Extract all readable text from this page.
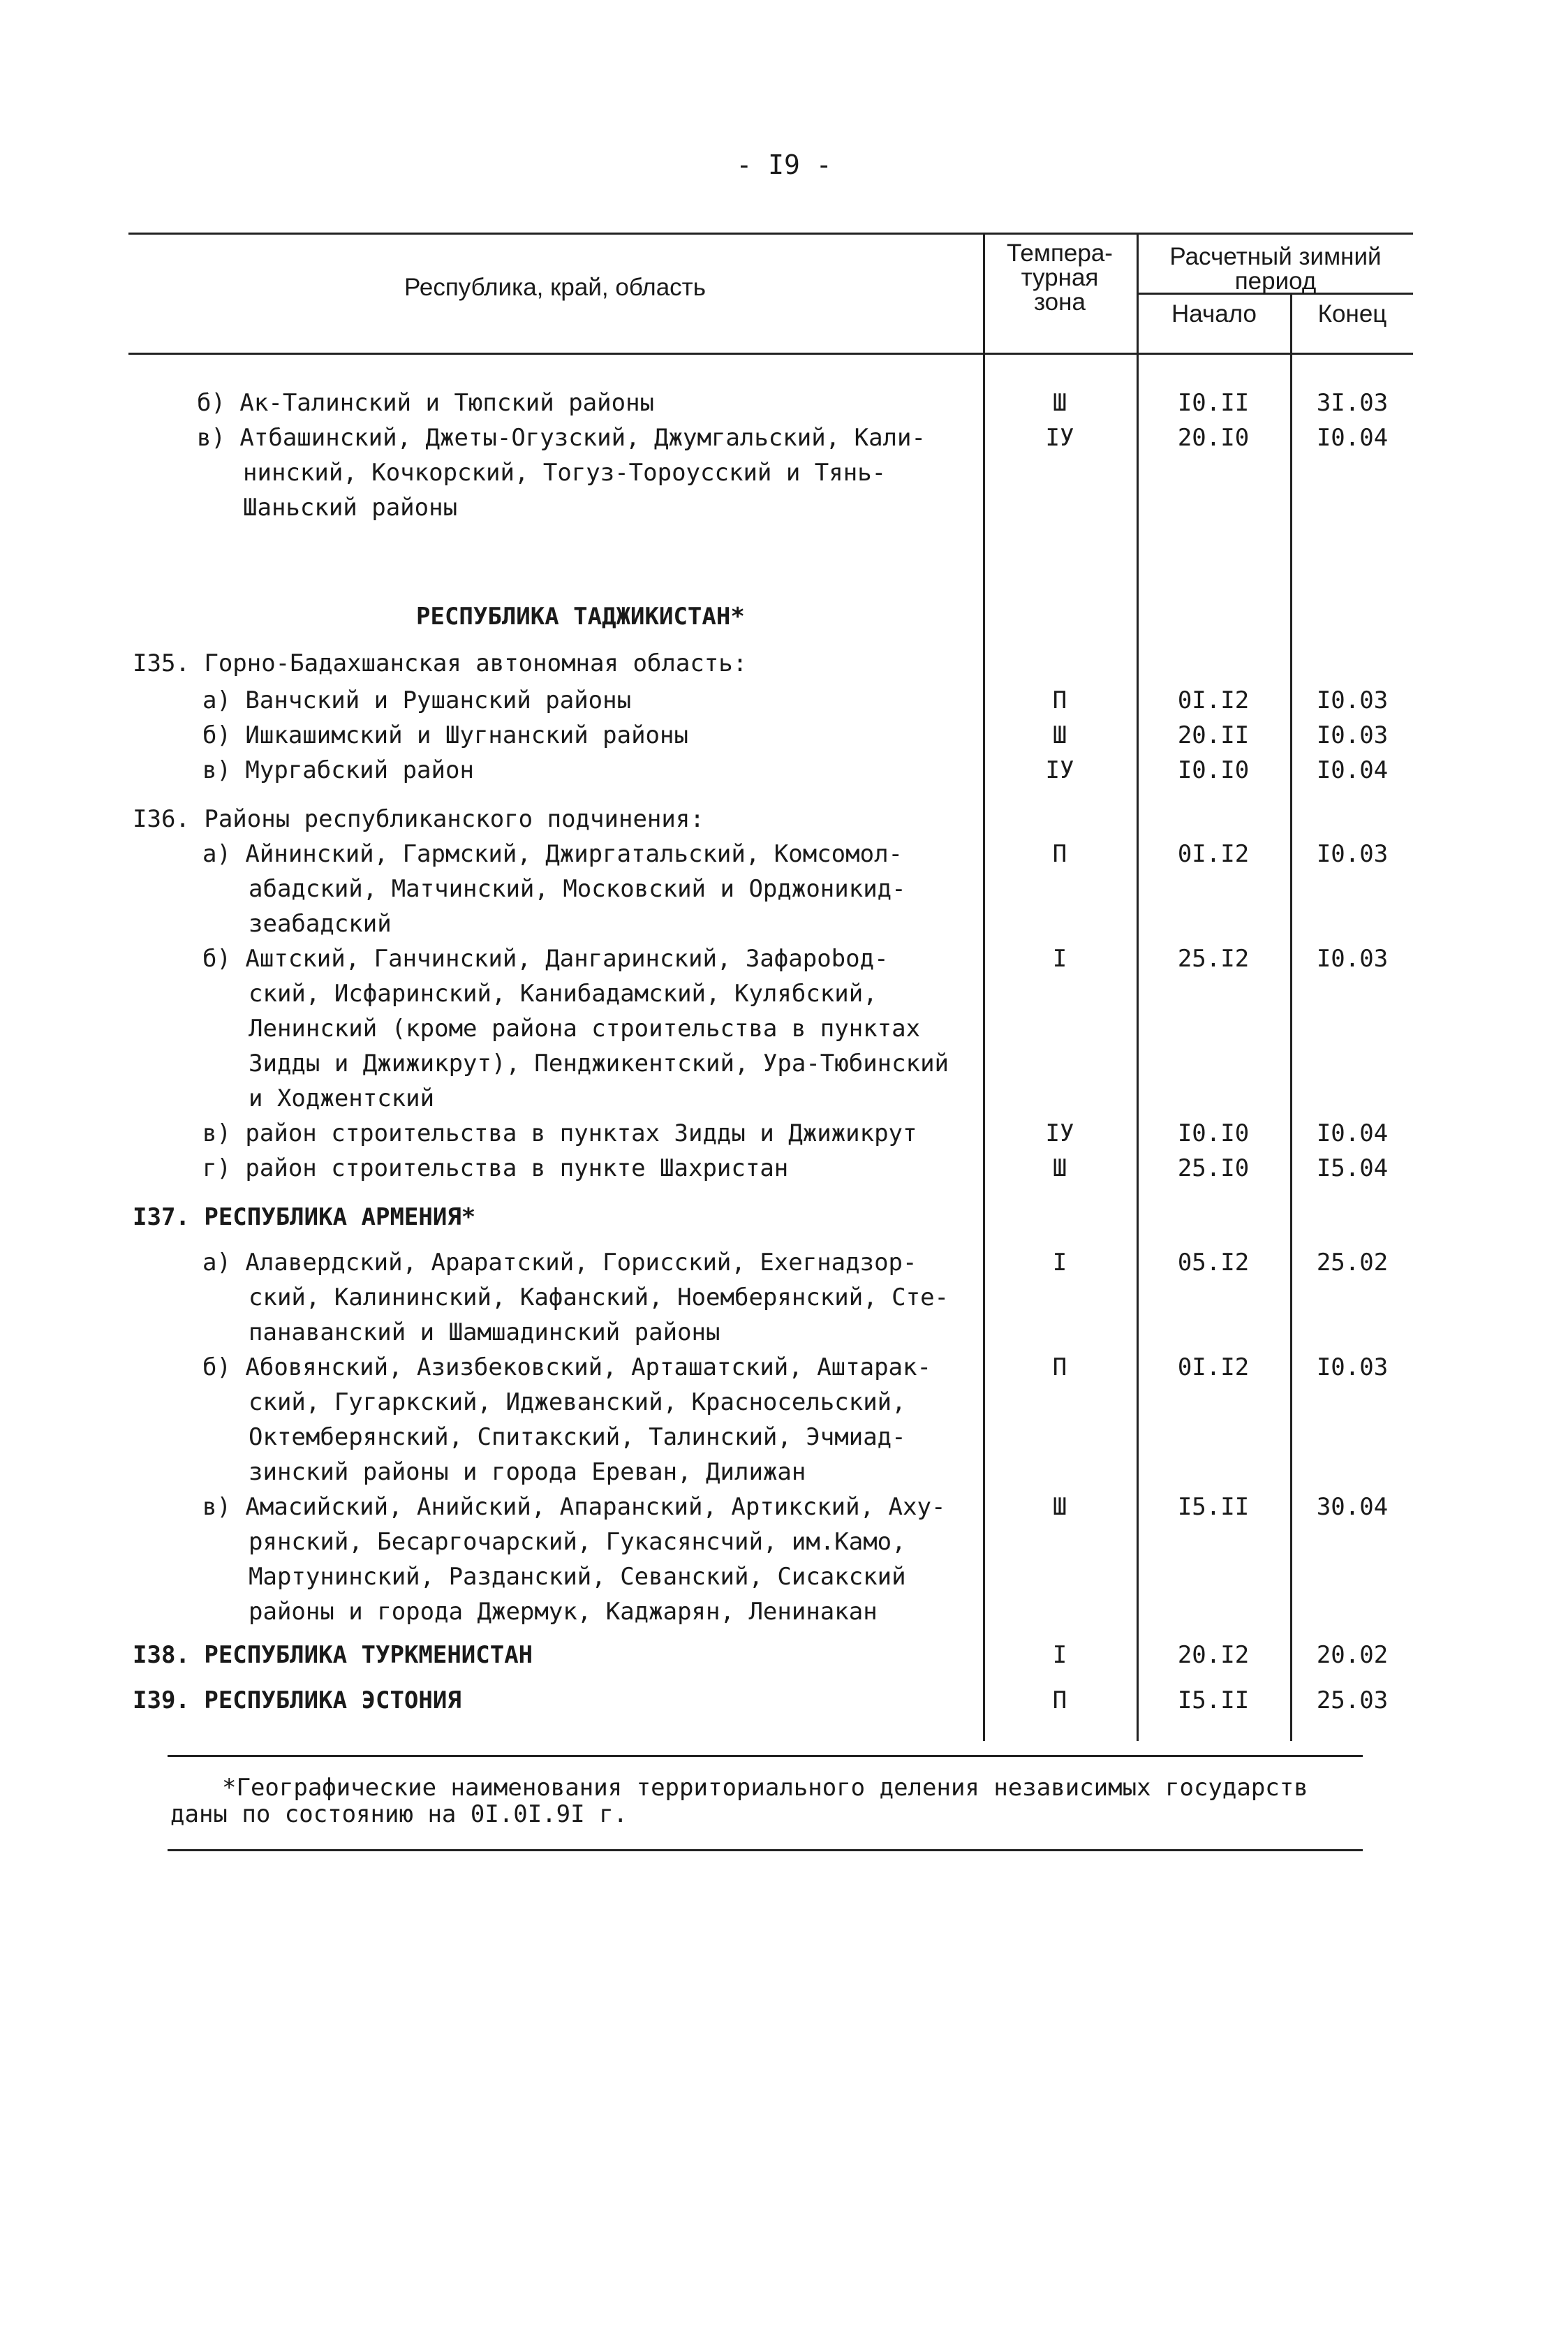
- I9 -
Республика, край, область
Темпера-
турная
зона
Расчетный зимний
период
Начало	Конец
б) Ак-Талинский и Тюпский районы	Ш	I0.II	3I.03
в) Атбашинский, Джеты-Огузский, Джумгальский, Кали-
нинский, Кочкорский, Тогуз-Тороусский и Тянь-
Шаньский районы
IУ	20.I0	I0.04
РЕСПУБЛИКА ТАДЖИКИСТАН*
I35. Горно-Бадахшанская автономная область:
а) Ванчский и Рушанский районы	П	0I.I2	I0.03
б) Ишкашимский и Шугнанский районы	Ш	20.II	I0.03
в) Мургабский район	IУ	I0.I0	I0.04
I36. Районы республиканского подчинения:
а) Айнинский, Гармский, Джиргатальский, Комсомол-
абадский, Матчинский, Московский и Орджоникид-
зеабадский
П	0I.I2	I0.03
б) Аштский, Ганчинский, Дангаринский, Зафарobод-
ский, Исфаринский, Канибадамский, Кулябский,
Ленинский (кроме района строительства в пунктах
Зидды и Джижикрут), Пенджикентский, Ура-Тюбинский
и Ходжентский
I	25.I2	I0.03
в) район строительства в пунктах Зидды и Джижикрут	IУ	I0.I0	I0.04
г) район строительства в пункте Шахристан	Ш	25.I0	I5.04
I37. РЕСПУБЛИКА АРМЕНИЯ*
а) Алавердский, Араратский, Горисский, Ехегнадзор-
ский, Калининский, Кафанский, Ноемберянский, Сте-
панаванский и Шамшадинский районы
I	05.I2	25.02
б) Абовянский, Азизбековский, Арташатский, Аштарак-
ский, Гугаркский, Иджеванский, Красносельский,
Октембeрянский, Спитакский, Талинский, Эчмиад-
зинский районы и города Ереван, Дилижан
П	0I.I2	I0.03
в) Амасийский, Анийский, Апаранский, Артикский, Аху-
рянский, Бесаргочарский, Гукасянсчий, им.Камо,
Мартунинский, Разданский, Севанский, Сисакский
районы и города Джермук, Каджарян, Ленинакан
Ш	I5.II	30.04
I38. РЕСПУБЛИКА ТУРКМЕНИСТАН	I	20.I2	20.02
I39. РЕСПУБЛИКА ЭСТОНИЯ	П	I5.II	25.03
*Географические наименования территориального деления независимых государств
даны по состоянию на 0I.0I.9I г.
